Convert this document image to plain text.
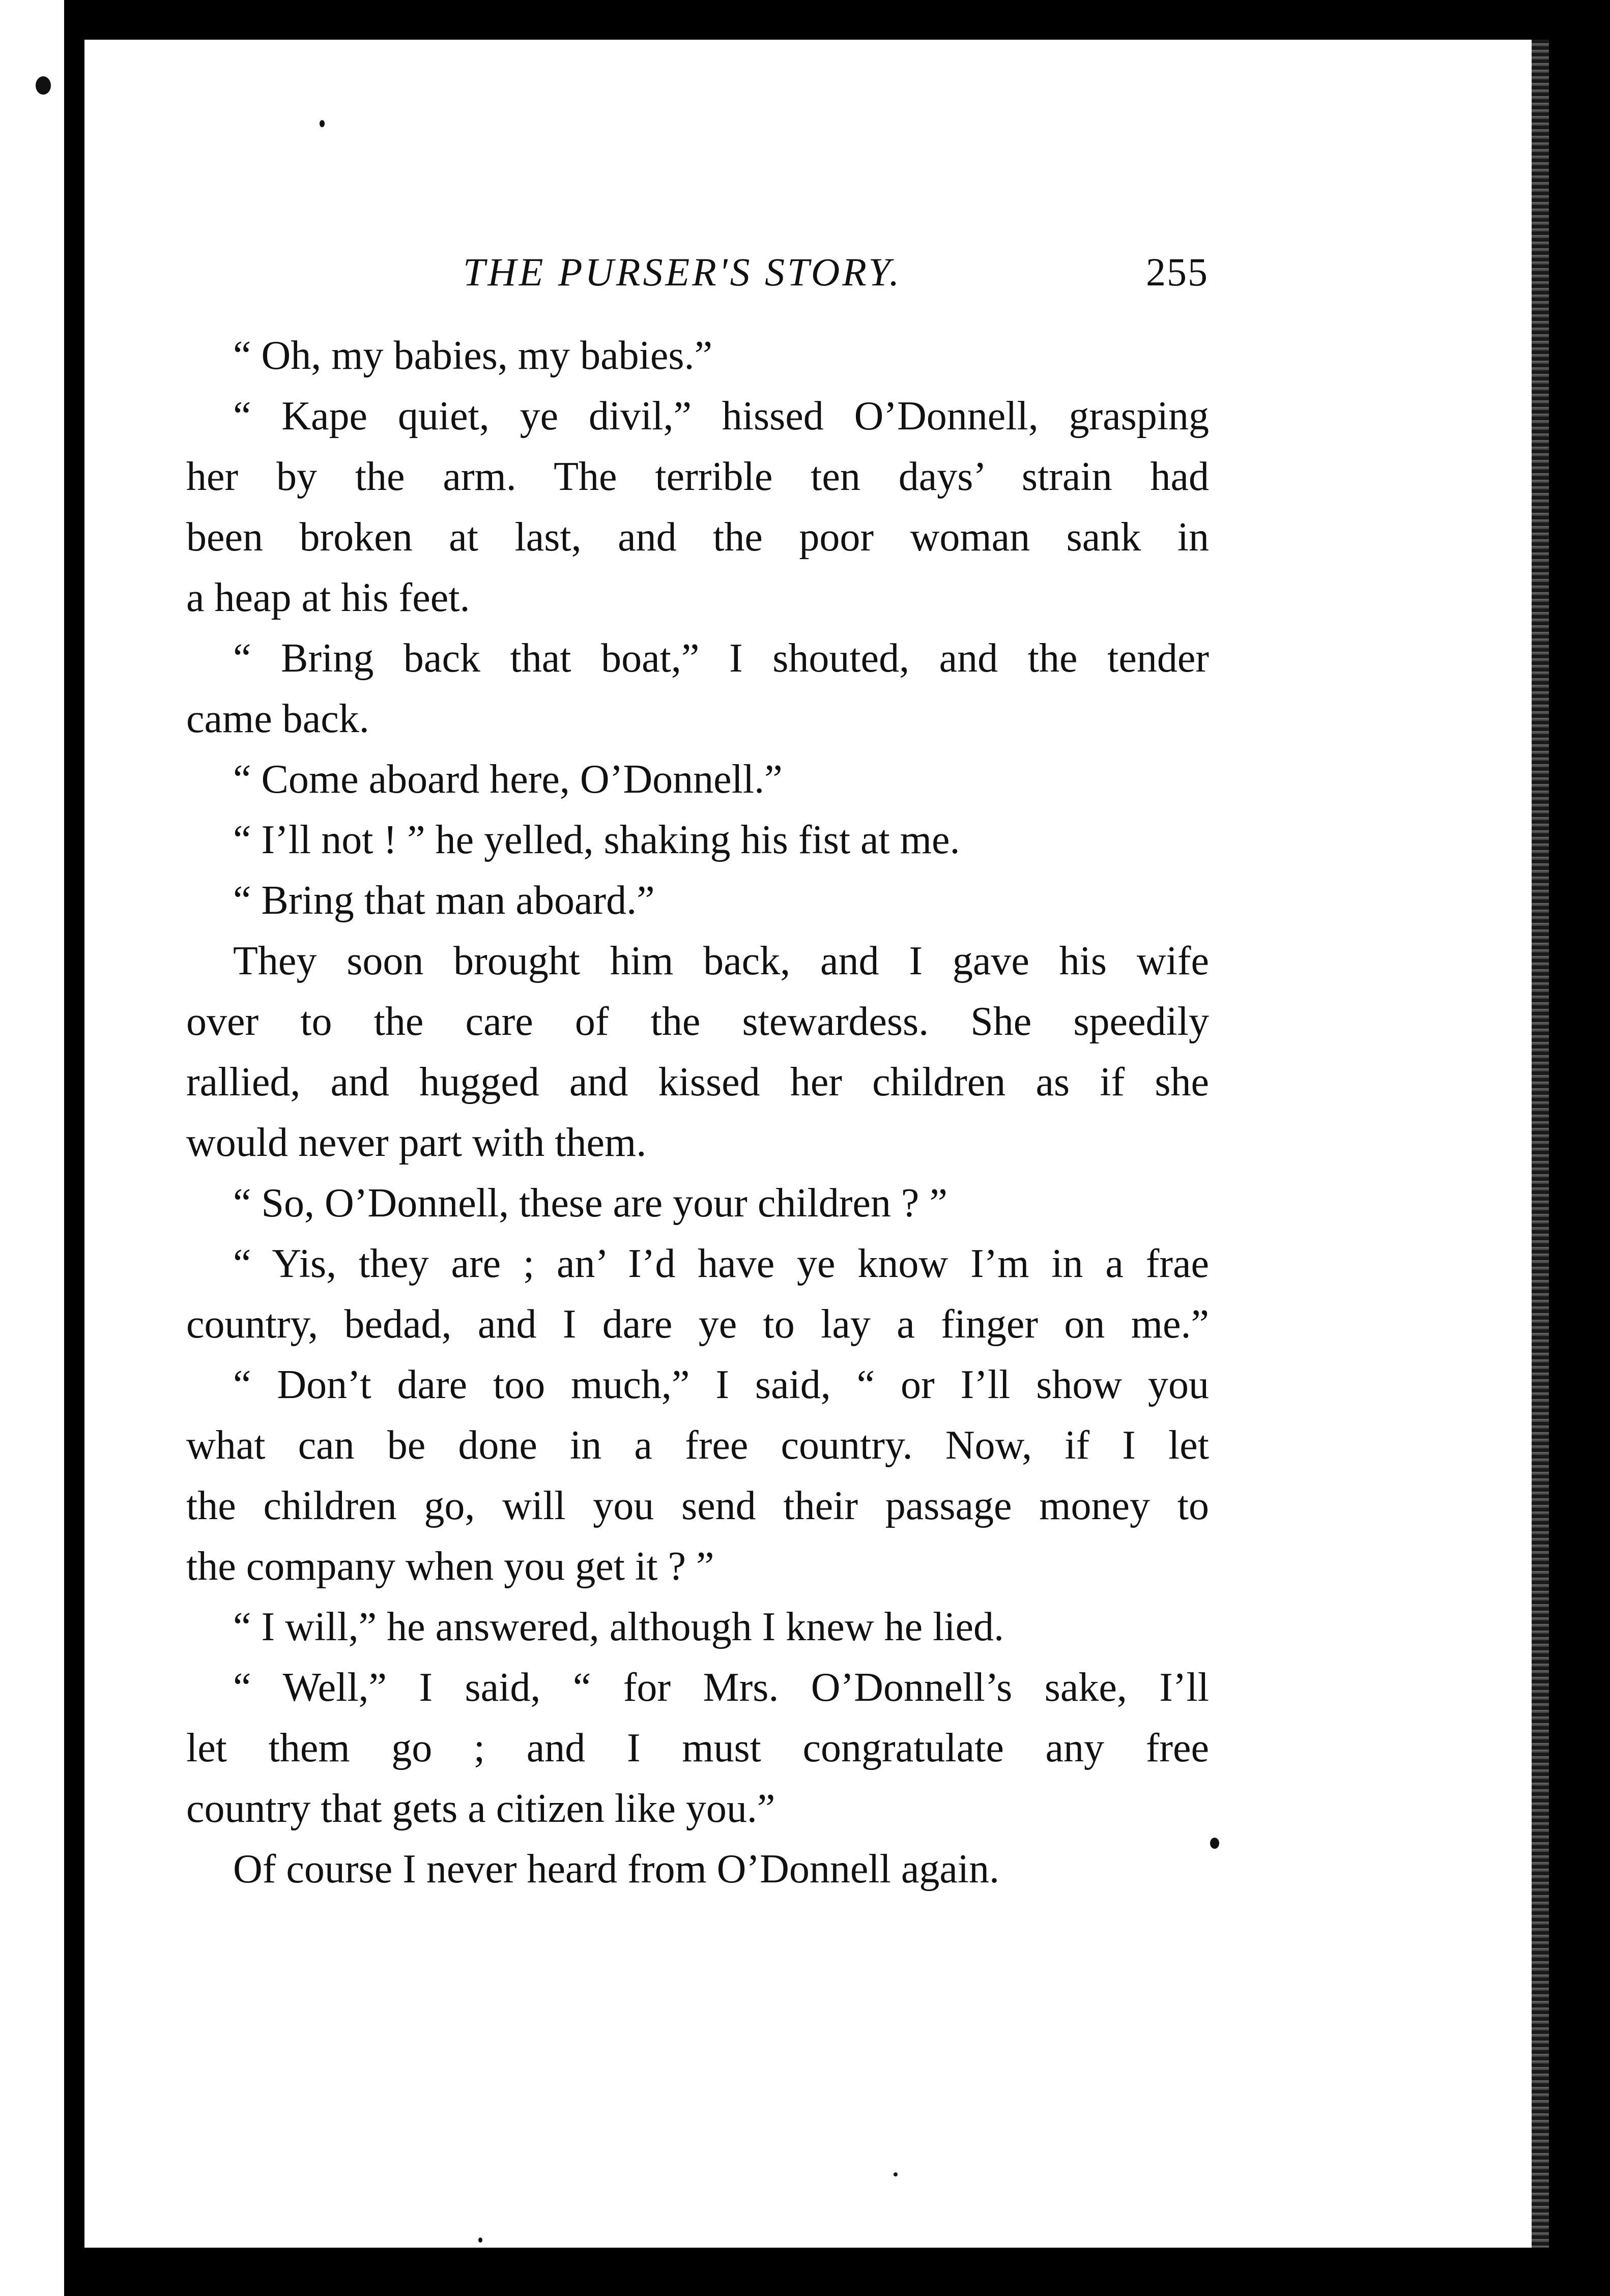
THE PURSER'S STORY.	255
“ Oh, my babies, my babies.”
“ Kape quiet, ye divil,” hissed O’Donnell, grasping
her by the arm. The terrible ten days’ strain had
been broken at last, and the poor woman sank in
a heap at his feet.
“ Bring back that boat,” I shouted, and the tender
came back.
“ Come aboard here, O’Donnell.”
“ I’ll not ! ” he yelled, shaking his fist at me.
“ Bring that man aboard.”
They soon brought him back, and I gave his wife
over to the care of the stewardess. She speedily
rallied, and hugged and kissed her children as if she
would never part with them.
“ So, O’Donnell, these are your children ? ”
“ Yis, they are ; an’ I’d have ye know I’m in a frae
country, bedad, and I dare ye to lay a finger on me.”
“ Don’t dare too much,” I said, “ or I’ll show you
what can be done in a free country. Now, if I let
the children go, will you send their passage money to
the company when you get it ? ”
“ I will,” he answered, although I knew he lied.
“ Well,” I said, “ for Mrs. O’Donnell’s sake, I’ll
let them go ; and I must congratulate any free
country that gets a citizen like you.”
Of course I never heard from O’Donnell again.
